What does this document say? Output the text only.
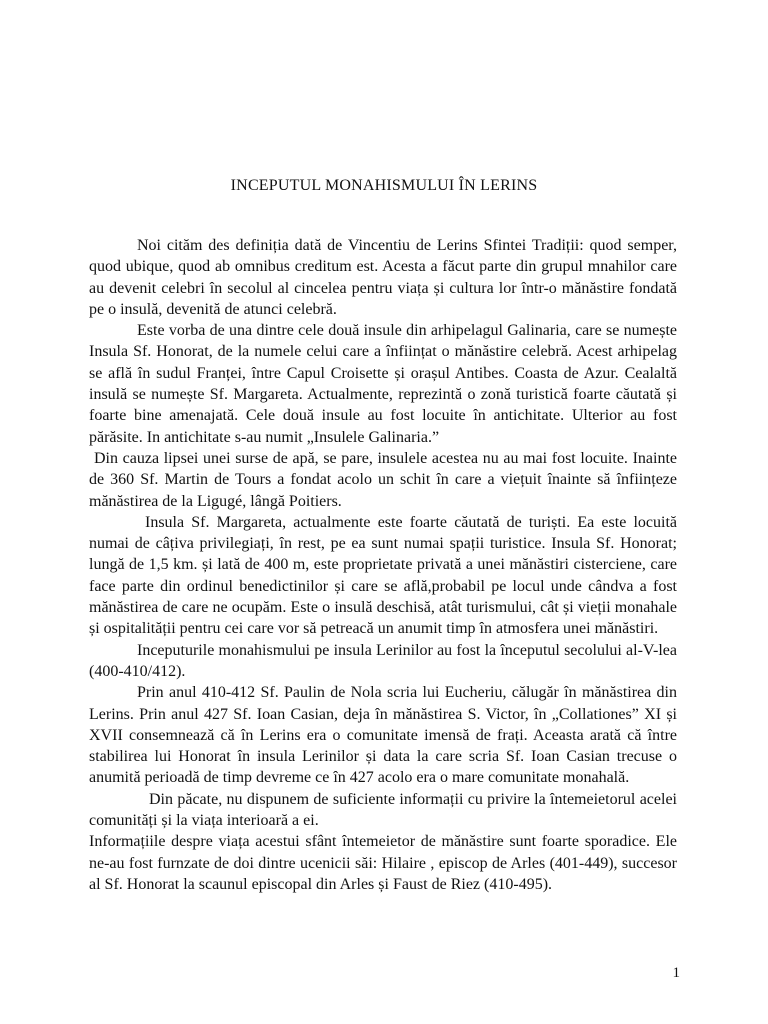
INCEPUTUL MONAHISMULUI ÎN LERINS

Noi cităm des definiția dată de Vincentiu de Lerins Sfintei Tradiții: quod semper, quod ubique, quod ab omnibus creditum est. Acesta a făcut parte din grupul mnahilor care au devenit celebri în secolul al cincelea pentru viața și cultura lor într-o mănăstire fondată pe o insulă, devenită de atunci celebră.

Este vorba de una dintre cele două insule din arhipelagul Galinaria, care se numește Insula Sf. Honorat, de la numele celui care a înființat o mănăstire celebră. Acest arhipelag se află în sudul Franței, între Capul Croisette și orașul Antibes. Coasta de Azur. Cealaltă insulă se numește Sf. Margareta. Actualmente, reprezintă o zonă turistică foarte căutată și foarte bine amenajată. Cele două insule au fost locuite în antichitate. Ulterior au fost părăsite. In antichitate s-au numit „Insulele Galinaria.”

Din cauza lipsei unei surse de apă, se pare, insulele acestea nu au mai fost locuite. Inainte de 360 Sf. Martin de Tours a fondat acolo un schit în care a viețuit înainte să înființeze mănăstirea de la Ligugé, lângă Poitiers.

Insula Sf. Margareta, actualmente este foarte căutată de turiști. Ea este locuită numai de câțiva privilegiați, în rest, pe ea sunt numai spații turistice. Insula Sf. Honorat; lungă de 1,5 km. și lată de 400 m, este proprietate privată a unei mănăstiri cisterciene, care face parte din ordinul benedictinilor și care se află,probabil pe locul unde cândva a fost mănăstirea de care ne ocupăm. Este o insulă deschisă, atât turismului, cât și vieții monahale și ospitalității pentru cei care vor să petreacă un anumit timp în atmosfera unei mănăstiri.

Inceputurile monahismului pe insula Lerinilor au fost la începutul secolului al-V-lea (400-410/412).

Prin anul 410-412 Sf. Paulin de Nola scria lui Eucheriu, călugăr în mănăstirea din Lerins. Prin anul 427 Sf. Ioan Casian, deja în mănăstirea S. Victor, în „Collationes” XI și XVII consemnează că în Lerins era o comunitate imensă de frați. Aceasta arată că între stabilirea lui Honorat în insula Lerinilor și data la care scria Sf. Ioan Casian trecuse o anumită perioadă de timp devreme ce în 427 acolo era o mare comunitate monahală.

Din păcate, nu dispunem de suficiente informații cu privire la întemeietorul acelei comunități și la viața interioară a ei.

Informațiile despre viața acestui sfânt întemeietor de mănăstire sunt foarte sporadice. Ele ne-au fost furnzate de doi dintre ucenicii săi: Hilaire , episcop de Arles (401-449), succesor al Sf. Honorat la scaunul episcopal din Arles și Faust de Riez (410-495).

1
